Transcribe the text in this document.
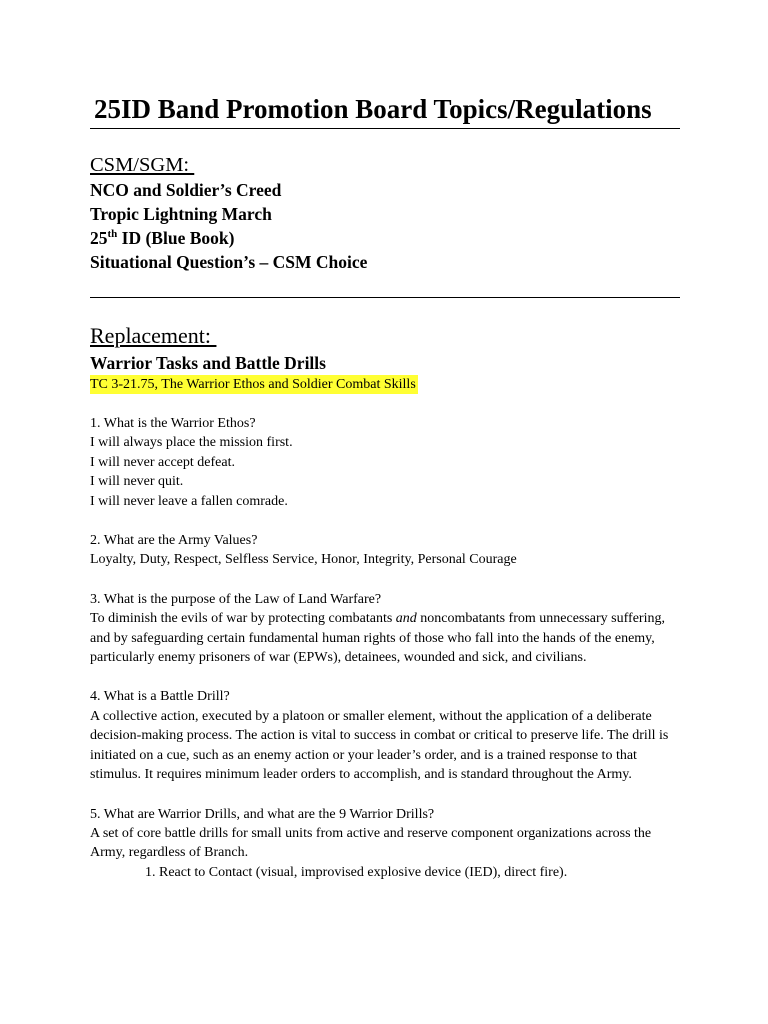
25ID Band Promotion Board Topics/Regulations
CSM/SGM:

NCO and Soldier’s Creed

Tropic Lightning March

25th ID (Blue Book)

Situational Question’s – CSM Choice

Replacement:

Warrior Tasks and Battle Drills

TC 3-21.75, The Warrior Ethos and Soldier Combat Skills

1. What is the Warrior Ethos?

I will always place the mission first.

I will never accept defeat.

I will never quit.

I will never leave a fallen comrade.

2. What are the Army Values?

Loyalty, Duty, Respect, Selfless Service, Honor, Integrity, Personal Courage

3. What is the purpose of the Law of Land Warfare?

To diminish the evils of war by protecting combatants and noncombatants from unnecessary suffering, and by safeguarding certain fundamental human rights of those who fall into the hands of the enemy, particularly enemy prisoners of war (EPWs), detainees, wounded and sick, and civilians.

4. What is a Battle Drill?

A collective action, executed by a platoon or smaller element, without the application of a deliberate decision-making process. The action is vital to success in combat or critical to preserve life. The drill is initiated on a cue, such as an enemy action or your leader’s order, and is a trained response to that stimulus. It requires minimum leader orders to accomplish, and is standard throughout the Army.

5. What are Warrior Drills, and what are the 9 Warrior Drills?

A set of core battle drills for small units from active and reserve component organizations across the Army, regardless of Branch.

1. React to Contact (visual, improvised explosive device (IED), direct fire).
